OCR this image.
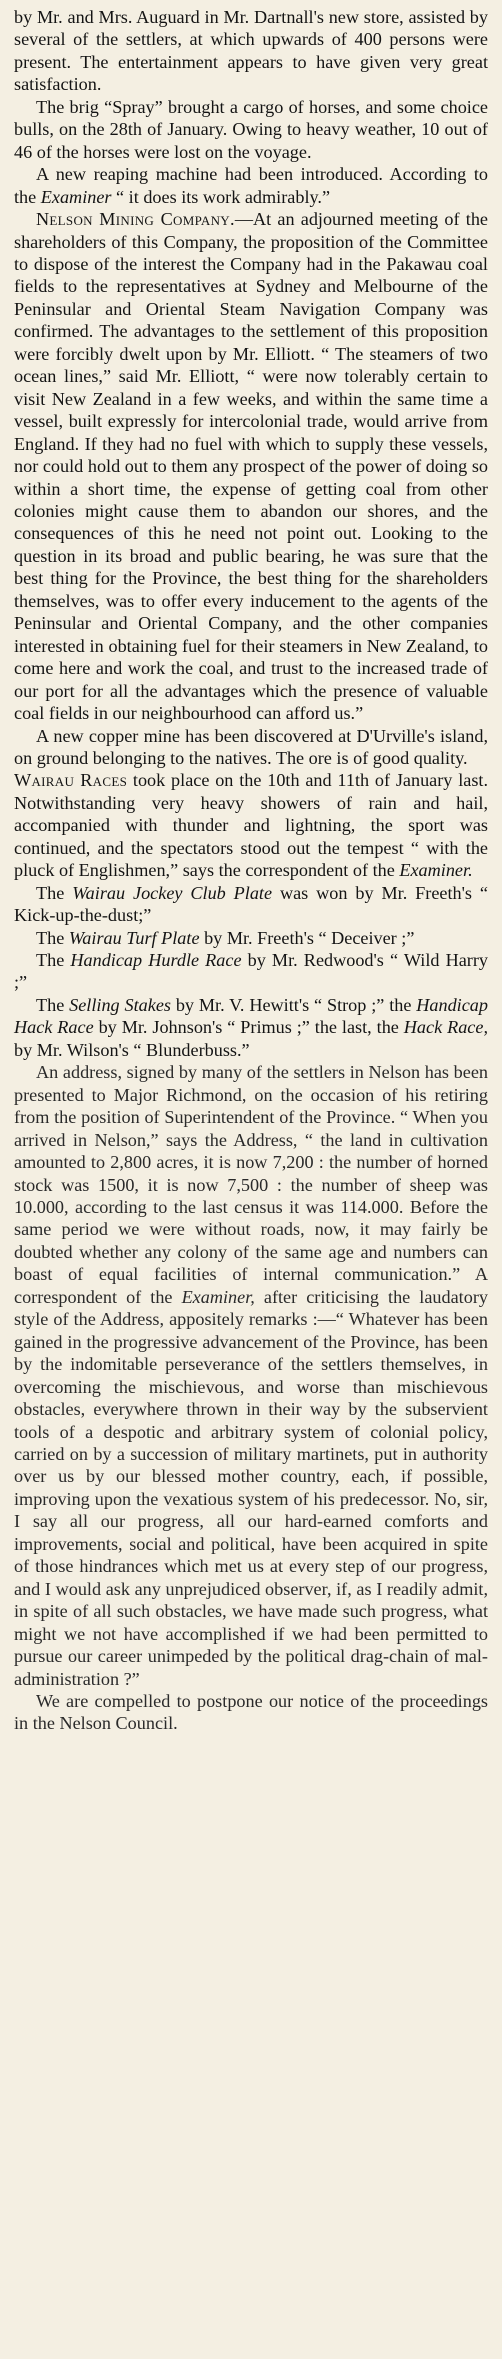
by Mr. and Mrs. Auguard in Mr. Dartnall's new store, assisted by several of the settlers, at which upwards of 400 persons were present. The entertainment appears to have given very great satisfaction.

The brig “Spray” brought a cargo of horses, and some choice bulls, on the 28th of January. Owing to heavy weather, 10 out of 46 of the horses were lost on the voyage.

A new reaping machine had been introduced. According to the Examiner “ it does its work admirably.”

Nelson Mining Company.—At an adjourned meeting of the shareholders of this Company, the proposition of the Committee to dispose of the interest the Company had in the Pakawau coal fields to the representatives at Sydney and Melbourne of the Peninsular and Oriental Steam Navigation Company was confirmed. The advantages to the settlement of this proposition were forcibly dwelt upon by Mr. Elliott. “ The steamers of two ocean lines,” said Mr. Elliott, “ were now tolerably certain to visit New Zealand in a few weeks, and within the same time a vessel, built expressly for intercolonial trade, would arrive from England. If they had no fuel with which to supply these vessels, nor could hold out to them any prospect of the power of doing so within a short time, the expense of getting coal from other colonies might cause them to abandon our shores, and the consequences of this he need not point out. Looking to the question in its broad and public bearing, he was sure that the best thing for the Province, the best thing for the shareholders themselves, was to offer every inducement to the agents of the Peninsular and Oriental Company, and the other companies interested in obtaining fuel for their steamers in New Zealand, to come here and work the coal, and trust to the increased trade of our port for all the advantages which the presence of valuable coal fields in our neighbourhood can afford us.”

A new copper mine has been discovered at D'Urville's island, on ground belonging to the natives. The ore is of good quality.

Wairau Races took place on the 10th and 11th of January last. Notwithstanding very heavy showers of rain and hail, accompanied with thunder and lightning, the sport was continued, and the spectators stood out the tempest “ with the pluck of Englishmen,” says the correspondent of the Examiner.

The Wairau Jockey Club Plate was won by Mr. Freeth's “ Kick-up-the-dust;”

The Wairau Turf Plate by Mr. Freeth's “ Deceiver ;”

The Handicap Hurdle Race by Mr. Redwood's “ Wild Harry ;”

The Selling Stakes by Mr. V. Hewitt's “ Strop ;” the Handicap Hack Race by Mr. Johnson's “ Primus ;” the last, the Hack Race, by Mr. Wilson's “ Blunderbuss.”

An address, signed by many of the settlers in Nelson has been presented to Major Richmond, on the occasion of his retiring from the position of Superintendent of the Province. “ When you arrived in Nelson,” says the Address, “ the land in cultivation amounted to 2,800 acres, it is now 7,200 : the number of horned stock was 1500, it is now 7,500 : the number of sheep was 10.000, according to the last census it was 114.000. Before the same period we were without roads, now, it may fairly be doubted whether any colony of the same age and numbers can boast of equal facilities of internal communication.” A correspondent of the Examiner, after criticising the laudatory style of the Address, appositely remarks :—“ Whatever has been gained in the progressive advancement of the Province, has been by the indomitable perseverance of the settlers themselves, in overcoming the mischievous, and worse than mischievous obstacles, everywhere thrown in their way by the subservient tools of a despotic and arbitrary system of colonial policy, carried on by a succession of military martinets, put in authority over us by our blessed mother country, each, if possible, improving upon the vexatious system of his predecessor. No, sir, I say all our progress, all our hard-earned comforts and improvements, social and political, have been acquired in spite of those hindrances which met us at every step of our progress, and I would ask any unprejudiced observer, if, as I readily admit, in spite of all such obstacles, we have made such progress, what might we not have accomplished if we had been permitted to pursue our career unimpeded by the political drag-chain of mal-administration ?”

We are compelled to postpone our notice of the proceedings in the Nelson Council.
